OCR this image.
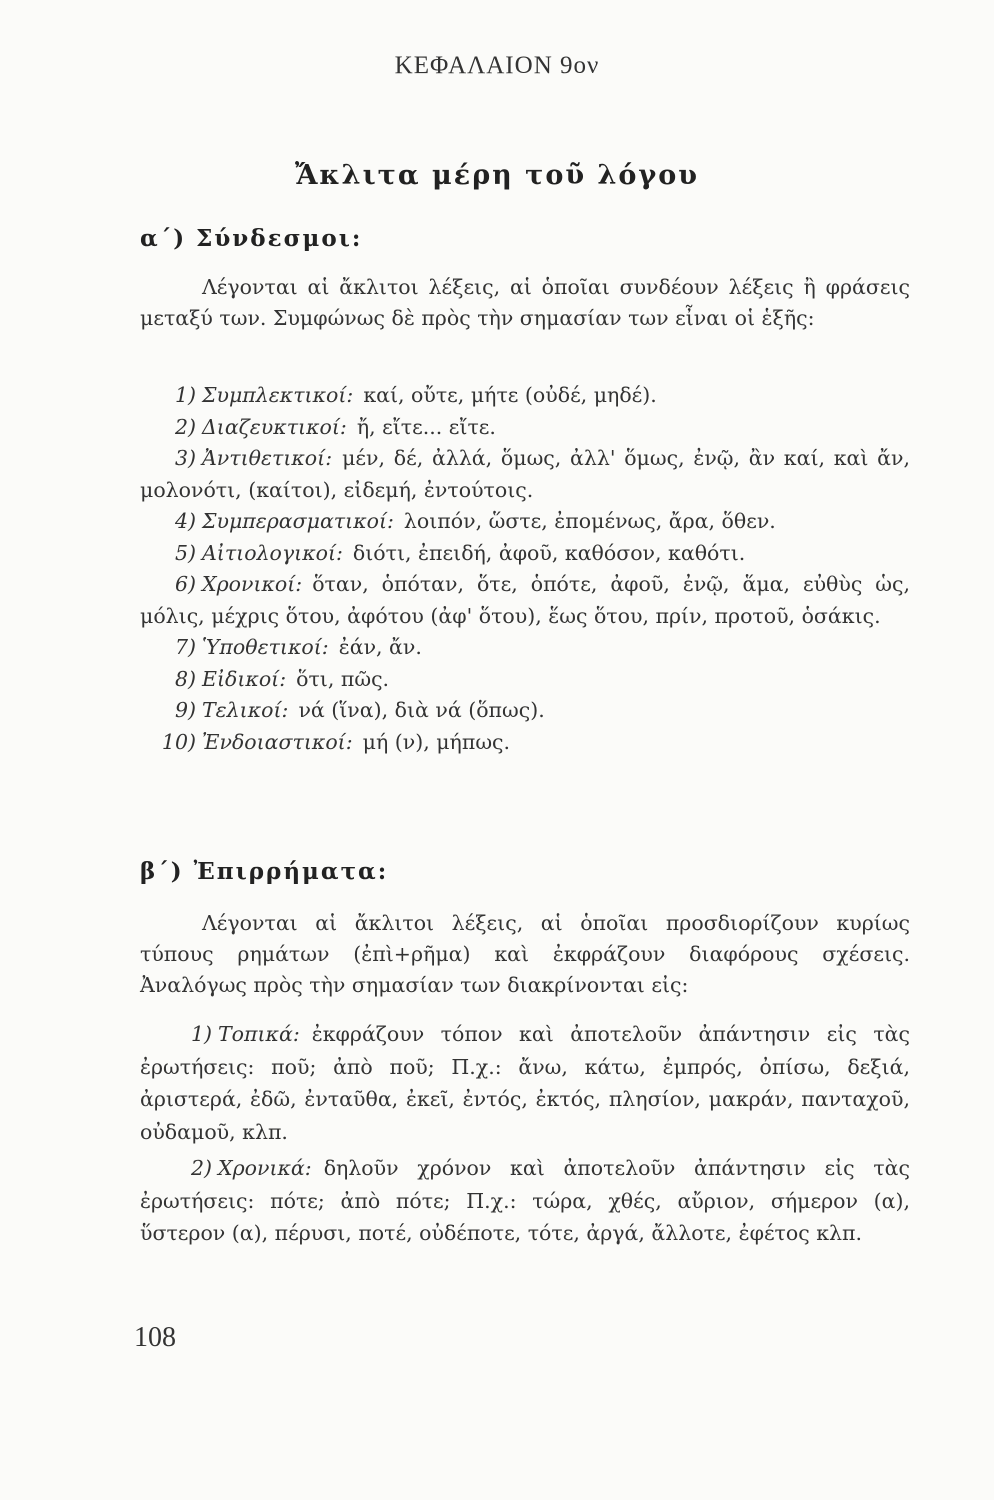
ΚΕΦΑΛΑΙΟΝ 9ον
Ἄκλιτα μέρη τοῦ λόγου
α΄) Σύνδεσμοι:
Λέγονται αἱ ἄκλιτοι λέξεις, αἱ ὁποῖαι συνδέουν λέξεις ἢ φράσεις μεταξύ των. Συμφώνως δὲ πρὸς τὴν σημασίαν των εἶναι οἱ ἑξῆς:
1) Συμπλεκτικοί: καί, οὔτε, μήτε (οὐδέ, μηδέ).
2) Διαζευκτικοί: ἤ, εἴτε... εἴτε.
3) Ἀντιθετικοί: μέν, δέ, ἀλλά, ὅμως, ἀλλ' ὅμως, ἐνῷ, ἂν καί, καὶ ἄν, μολονότι, (καίτοι), εἰδεμή, ἐντούτοις.
4) Συμπερασματικοί: λοιπόν, ὥστε, ἐπομένως, ἄρα, ὅθεν.
5) Αἰτιολογικοί: διότι, ἐπειδή, ἀφοῦ, καθόσον, καθότι.
6) Χρονικοί: ὅταν, ὁπόταν, ὅτε, ὁπότε, ἀφοῦ, ἐνῷ, ἅμα, εὐθὺς ὡς, μόλις, μέχρις ὅτου, ἀφότου (ἀφ' ὅτου), ἕως ὅτου, πρίν, προτοῦ, ὁσάκις.
7) Ὑποθετικοί: ἐάν, ἄν.
8) Εἰδικοί: ὅτι, πῶς.
9) Τελικοί: νά (ἵνα), διὰ νά (ὅπως).
10) Ἐνδοιαστικοί: μή (ν), μήπως.
β΄) Ἐπιρρήματα:
Λέγονται αἱ ἄκλιτοι λέξεις, αἱ ὁποῖαι προσδιορίζουν κυρίως τύπους ρημάτων (ἐπὶ+ρῆμα) καὶ ἐκφράζουν διαφόρους σχέσεις. Ἀναλόγως πρὸς τὴν σημασίαν των διακρίνονται εἰς:
1) Τοπικά: ἐκφράζουν τόπον καὶ ἀποτελοῦν ἀπάντησιν εἰς τὰς ἐρωτήσεις: ποῦ; ἀπὸ ποῦ; Π.χ.: ἄνω, κάτω, ἐμπρός, ὀπίσω, δεξιά, ἀριστερά, ἐδῶ, ἐνταῦθα, ἐκεῖ, ἐντός, ἐκτός, πλησίον, μακράν, πανταχοῦ, οὐδαμοῦ, κλπ.
2) Χρονικά: δηλοῦν χρόνον καὶ ἀποτελοῦν ἀπάντησιν εἰς τὰς ἐρωτήσεις: πότε; ἀπὸ πότε; Π.χ.: τώρα, χθές, αὔριον, σήμερον (α), ὕστερον (α), πέρυσι, ποτέ, οὐδέποτε, τότε, ἀργά, ἄλλοτε, ἐφέτος κλπ.
108
